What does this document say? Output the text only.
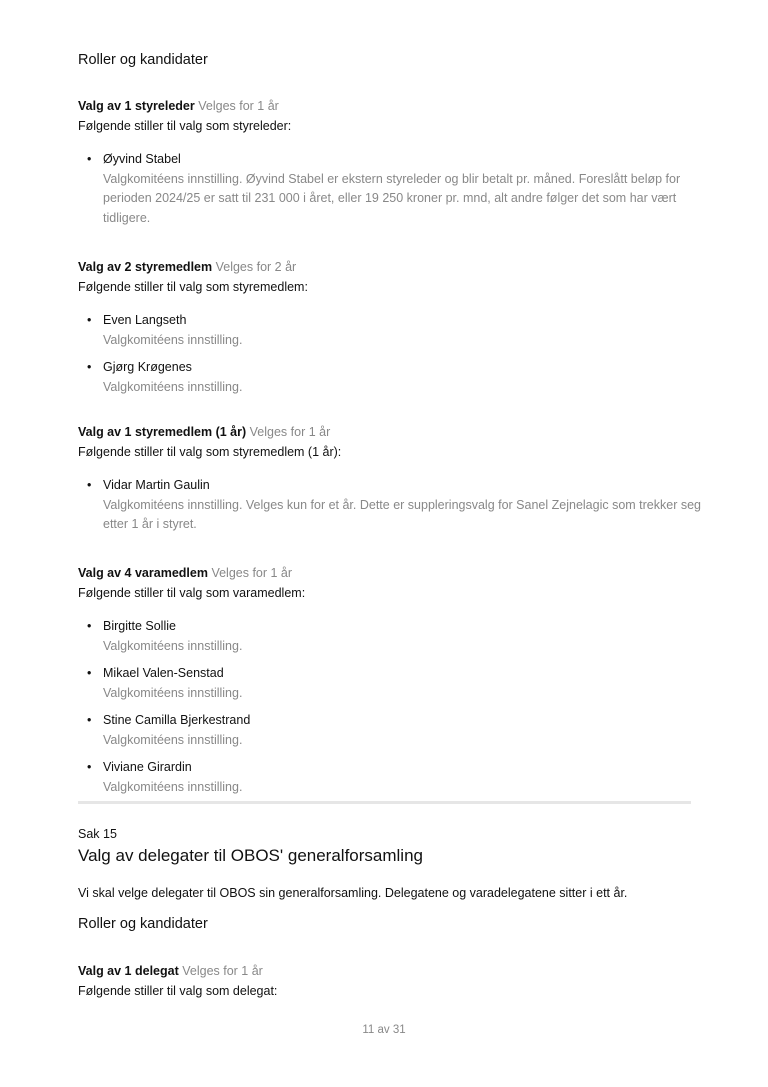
Roller og kandidater
Valg av 1 styreleder Velges for 1 år
Følgende stiller til valg som styreleder:
• Øyvind Stabel
Valgkomitéens innstilling. Øyvind Stabel er ekstern styreleder og blir betalt pr. måned. Foreslått beløp for perioden 2024/25 er satt til 231 000 i året, eller 19 250 kroner pr. mnd, alt andre følger det som har vært tidligere.
Valg av 2 styremedlem Velges for 2 år
Følgende stiller til valg som styremedlem:
• Even Langseth
Valgkomitéens innstilling.
• Gjørg Krøgenes
Valgkomitéens innstilling.
Valg av 1 styremedlem (1 år) Velges for 1 år
Følgende stiller til valg som styremedlem (1 år):
• Vidar Martin Gaulin
Valgkomitéens innstilling. Velges kun for et år. Dette er suppleringsvalg for Sanel Zejnelagic som trekker seg etter 1 år i styret.
Valg av 4 varamedlem Velges for 1 år
Følgende stiller til valg som varamedlem:
• Birgitte Sollie
Valgkomitéens innstilling.
• Mikael Valen-Senstad
Valgkomitéens innstilling.
• Stine Camilla Bjerkestrand
Valgkomitéens innstilling.
• Viviane Girardin
Valgkomitéens innstilling.
Sak 15
Valg av delegater til OBOS' generalforsamling
Vi skal velge delegater til OBOS sin generalforsamling. Delegatene og varadelegatene sitter i ett år.
Roller og kandidater
Valg av 1 delegat Velges for 1 år
Følgende stiller til valg som delegat:
11 av 31
